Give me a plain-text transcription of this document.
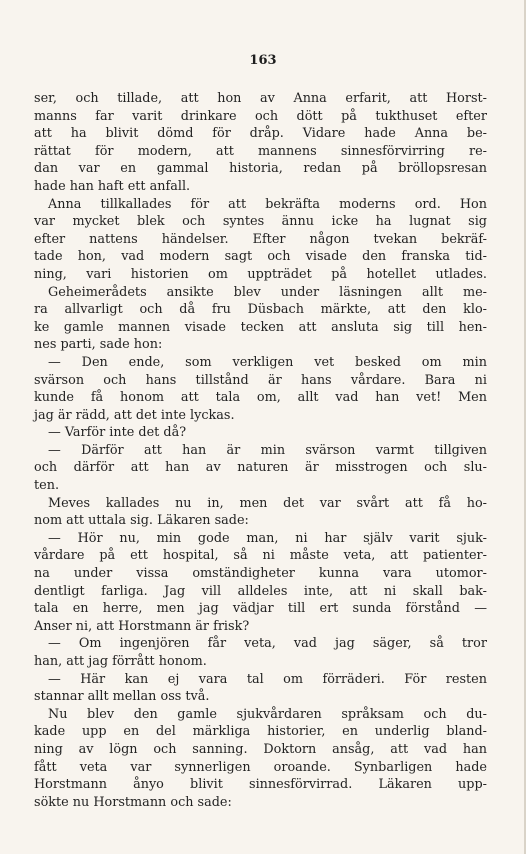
163
ser, och tillade, att hon av Anna erfarit, att Horst-
manns far varit drinkare och dött på tukthuset efter
att ha blivit dömd för dråp. Vidare hade Anna be-
rättat för modern, att mannens sinnesförvirring re-
dan var en gammal historia, redan på bröllopsresan
hade han haft ett anfall.
Anna tillkallades för att bekräfta moderns ord. Hon
var mycket blek och syntes ännu icke ha lugnat sig
efter nattens händelser. Efter någon tvekan bekräf-
tade hon, vad modern sagt och visade den franska tid-
ning, vari historien om uppträdet på hotellet utlades.
Geheimerådets ansikte blev under läsningen allt me-
ra allvarligt och då fru Düsbach märkte, att den klo-
ke gamle mannen visade tecken att ansluta sig till hen-
nes parti, sade hon:
— Den ende, som verkligen vet besked om min
svärson och hans tillstånd är hans vårdare. Bara ni
kunde få honom att tala om, allt vad han vet! Men
jag är rädd, att det inte lyckas.
— Varför inte det då?
— Därför att han är min svärson varmt tillgiven
och därför att han av naturen är misstrogen och slu-
ten.
Meves kallades nu in, men det var svårt att få ho-
nom att uttala sig. Läkaren sade:
— Hör nu, min gode man, ni har själv varit sjuk-
vårdare på ett hospital, så ni måste veta, att patienter-
na under vissa omständigheter kunna vara utomor-
dentligt farliga. Jag vill alldeles inte, att ni skall bak-
tala en herre, men jag vädjar till ert sunda förstånd —
Anser ni, att Horstmann är frisk?
— Om ingenjören får veta, vad jag säger, så tror
han, att jag förrått honom.
— Här kan ej vara tal om förräderi. För resten
stannar allt mellan oss två.
Nu blev den gamle sjukvårdaren språksam och du-
kade upp en del märkliga historier, en underlig bland-
ning av lögn och sanning. Doktorn ansåg, att vad han
fått veta var synnerligen oroande. Synbarligen hade
Horstmann ånyo blivit sinnesförvirrad. Läkaren upp-
sökte nu Horstmann och sade:
